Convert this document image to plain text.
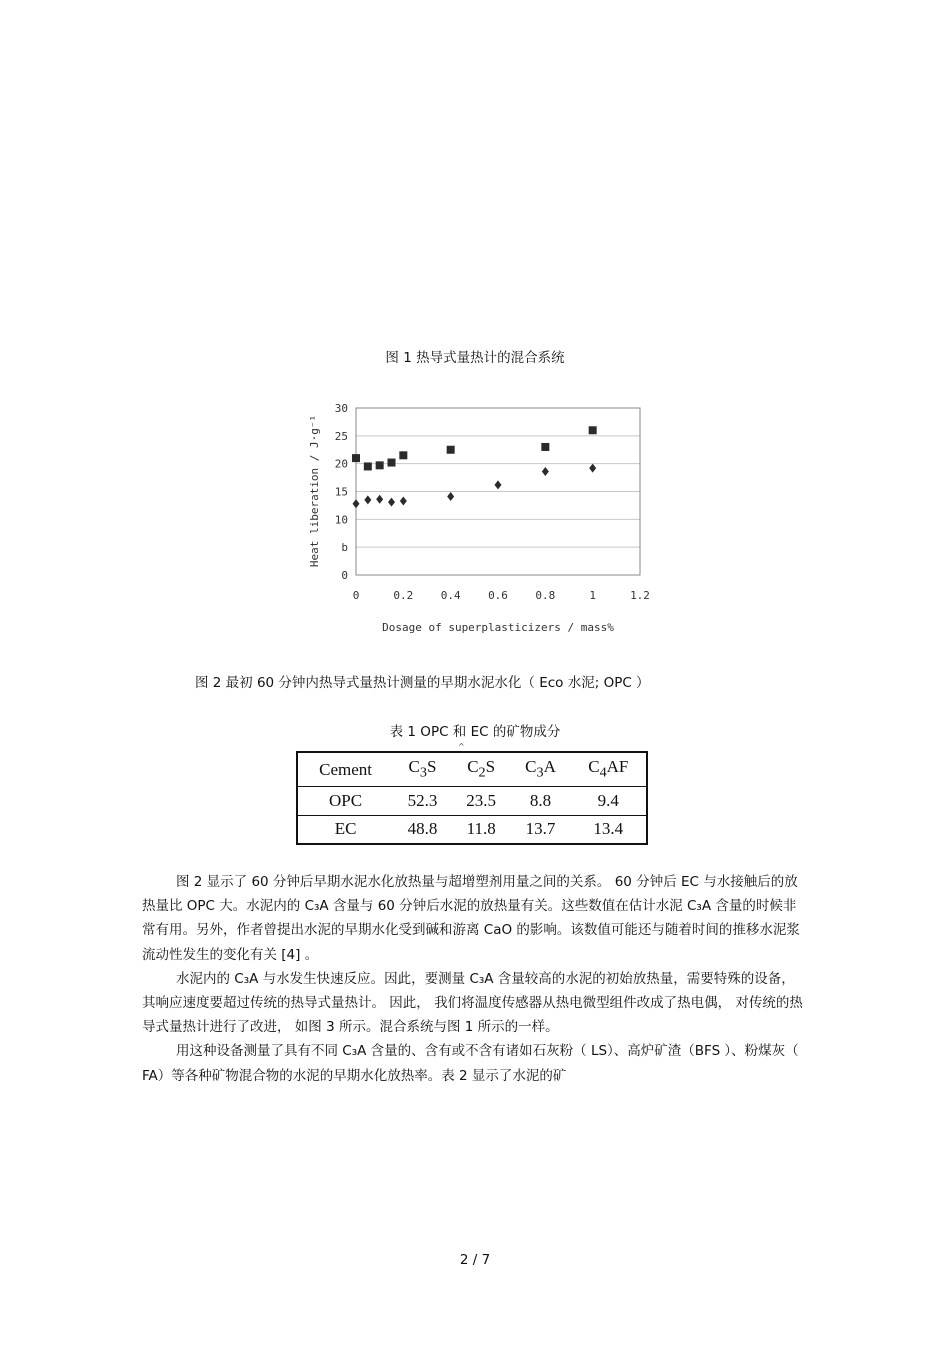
图 1 热导式量热计的混合系统
0
b
10
15
20
25
30
0	0.2 0.4 0.6 0.8	1	1.2
Dosage of superplasticizers / mass%
Heat liberation / J·g⁻¹
图 2 最初 60 分钟内热导式量热计测量的早期水泥水化（ Eco 水泥; OPC ）
表 1 OPC 和 EC 的矿物成分
^
Cement	$C_3S$	$C_2S$	$C_3A$	$C_4AF$
OPC	52.3	23.5	8.8	9.4
EC	48.8	11.8	13.7	13.4

图 2 显示了 60 分钟后早期水泥水化放热量与超增塑剂用量之间的关系。 60 分钟后 EC 与水接触后的放热量比 OPC 大。水泥内的 C₃A 含量与 60 分钟后水泥的放热量有关。这些数值在估计水泥 C₃A 含量的时候非常有用。另外，作者曾提出水泥的早期水化受到碱和游离 CaO 的影响。该数值可能还与随着时间的推移水泥浆流动性发生的变化有关 [4] 。

水泥内的 C₃A 与水发生快速反应。因此，要测量 C₃A 含量较高的水泥的初始放热量，需要特殊的设备， 其响应速度要超过传统的热导式量热计。 因此， 我们将温度传感器从热电微型组件改成了热电偶， 对传统的热导式量热计进行了改进， 如图 3 所示。混合系统与图 1 所示的一样。

用这种设备测量了具有不同 C₃A 含量的、含有或不含有诸如石灰粉（ LS）、高炉矿渣（BFS ）、粉煤灰（ FA）等各种矿物混合物的水泥的早期水化放热率。表 2 显示了水泥的矿

2 / 7
